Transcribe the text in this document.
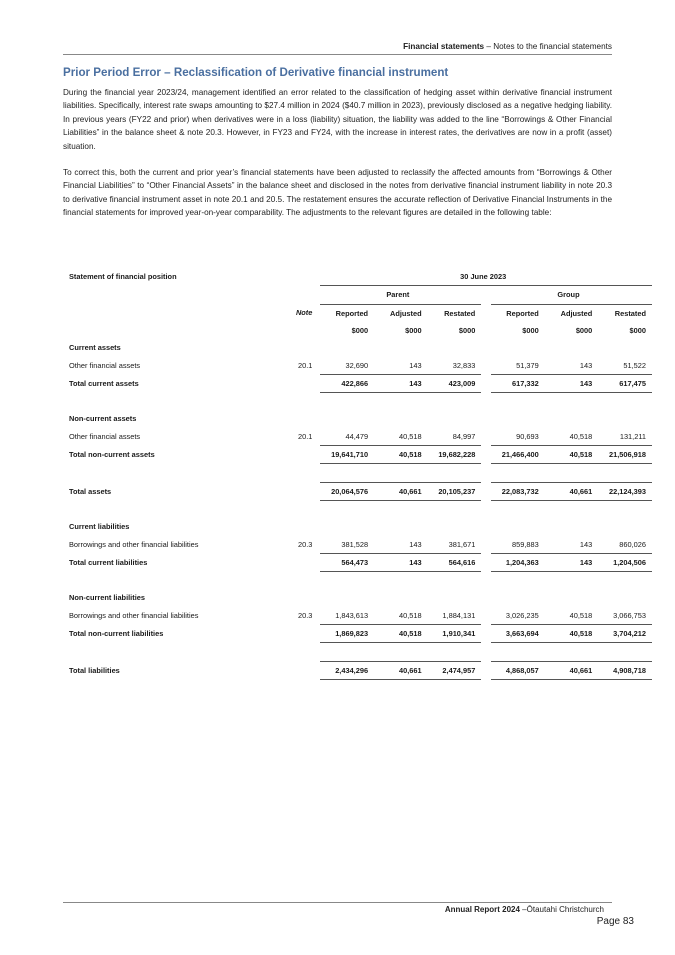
Financial statements – Notes to the financial statements
Prior Period Error – Reclassification of Derivative financial instrument

During the financial year 2023/24, management identified an error related to the classification of hedging asset within derivative financial instrument liabilities. Specifically, interest rate swaps amounting to $27.4 million in 2024 ($40.7 million in 2023), previously disclosed as a negative hedging liability. In previous years (FY22 and prior) when derivatives were in a loss (liability) situation, the liability was added to the line “Borrowings & Other Financial Liabilities” in the balance sheet & note 20.3. However, in FY23 and FY24, with the increase in interest rates, the derivatives are now in a profit (asset) situation.

To correct this, both the current and prior year’s financial statements have been adjusted to reclassify the affected amounts from “Borrowings & Other Financial Liabilities” to “Other Financial Assets” in the balance sheet and disclosed in the notes from derivative financial instrument liability in note 20.3 to derivative financial instrument asset in note 20.1 and 20.5. The restatement ensures the accurate reflection of Derivative Financial Instruments in the financial statements for improved year-on-year comparability. The adjustments to the relevant figures are detailed in the following table:

Statement of financial position		30 June 2023						
		Parent				Group		
	Note	Reported	Adjusted	Restated		Reported	Adjusted	Restated
		$000	$000	$000		$000	$000	$000
Current assets								
Other financial assets	20.1	32,690	143	32,833		51,379	143	51,522
Total current assets		422,866	143	423,009		617,332	143	617,475

Non-current assets								
Other financial assets	20.1	44,479	40,518	84,997		90,693	40,518	131,211
Total non-current assets		19,641,710	40,518	19,682,228		21,466,400	40,518	21,506,918

Total assets		20,064,576	40,661	20,105,237		22,083,732	40,661	22,124,393

Current liabilities								
Borrowings and other financial liabilities	20.3	381,528	143	381,671		859,883	143	860,026
Total current liabilities		564,473	143	564,616		1,204,363	143	1,204,506

Non-current liabilities								
Borrowings and other financial liabilities	20.3	1,843,613	40,518	1,884,131		3,026,235	40,518	3,066,753
Total non-current liabilities		1,869,823	40,518	1,910,341		3,663,694	40,518	3,704,212

Total liabilities		2,434,296	40,661	2,474,957		4,868,057	40,661	4,908,718
Annual Report 2024 –Ōtautahi Christchurch
Page 83
